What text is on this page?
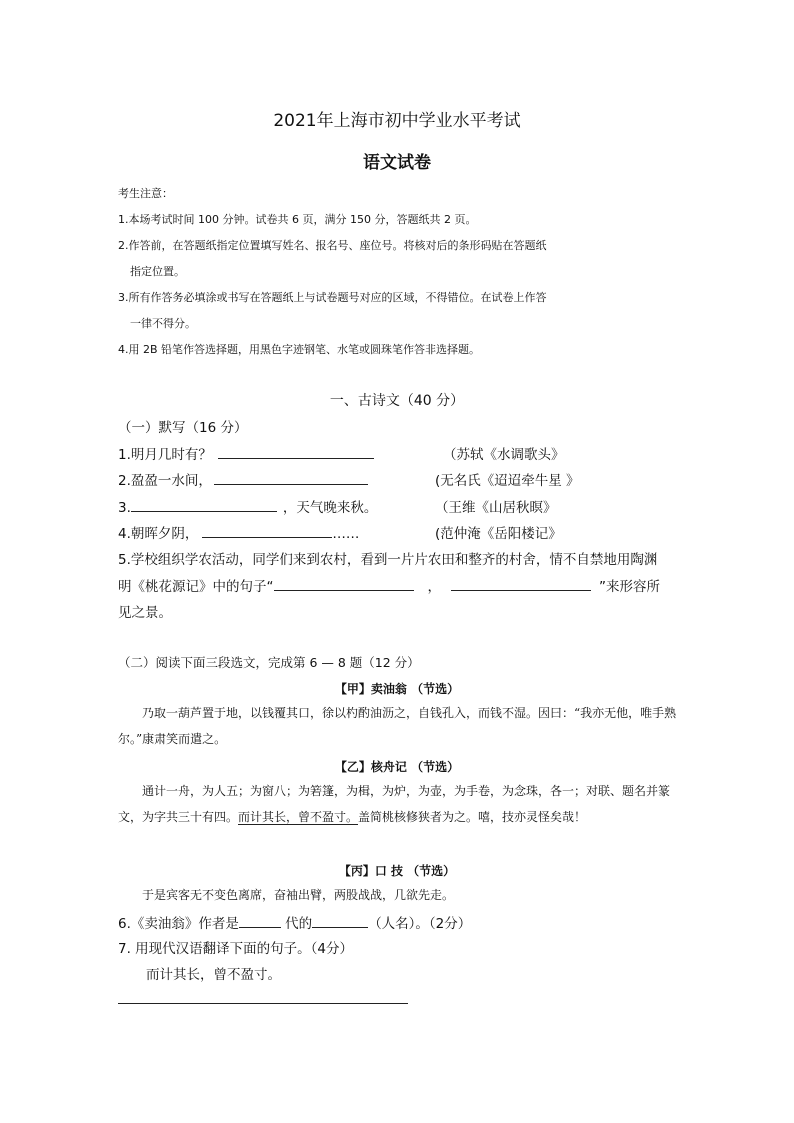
2021年上海市初中学业水平考试
语文试卷
考生注意：
1.本场考试时间 100 分钟。试卷共 6 页，满分 150 分，答题纸共 2 页。
2.作答前，在答题纸指定位置填写姓名、报名号、座位号。将核对后的条形码贴在答题纸
指定位置。
3.所有作答务必填涂或书写在答题纸上与试卷题号对应的区域，不得错位。在试卷上作答
一律不得分。
4.用 2B 铅笔作答选择题，用黑色字迹钢笔、水笔或圆珠笔作答非选择题。
一、古诗文（40 分）
（一）默写（16 分）
1.明月几时有？	（苏轼《水调歌头》
2.盈盈一水间，	(无名氏《迢迢牵牛星 》
3.	，天气晚来秋。	（王维《山居秋暝》
4.朝晖夕阴，	……	(范仲淹《岳阳楼记》
5.学校组织学农活动，同学们来到农村，看到一片片农田和整齐的村舍，情不自禁地用陶渊
明《桃花源记》中的句子“	，	”来形容所
见之景。
（二）阅读下面三段选文，完成第 6 — 8 题（12 分）
【甲】卖油翁 （节选）
乃取一葫芦置于地，以钱覆其口，徐以杓酌油沥之，自钱孔入，而钱不湿。因曰：“我亦无他，唯手熟尔。”康肃笑而遣之。
【乙】核舟记 （节选）
通计一舟，为人五；为窗八；为箬篷，为楫，为炉，为壶，为手卷，为念珠，各一；对联、题名并篆文，为字共三十有四。而计其长，曾不盈寸。盖简桃核修狭者为之。嘻，技亦灵怪矣哉！
【丙】口 技 （节选）
于是宾客无不变色离席，奋袖出臂，两股战战，几欲先走。
6.《卖油翁》作者是	代的	（人名）。（2分）
7. 用现代汉语翻译下面的句子。（4分）
而计其长，曾不盈寸。
